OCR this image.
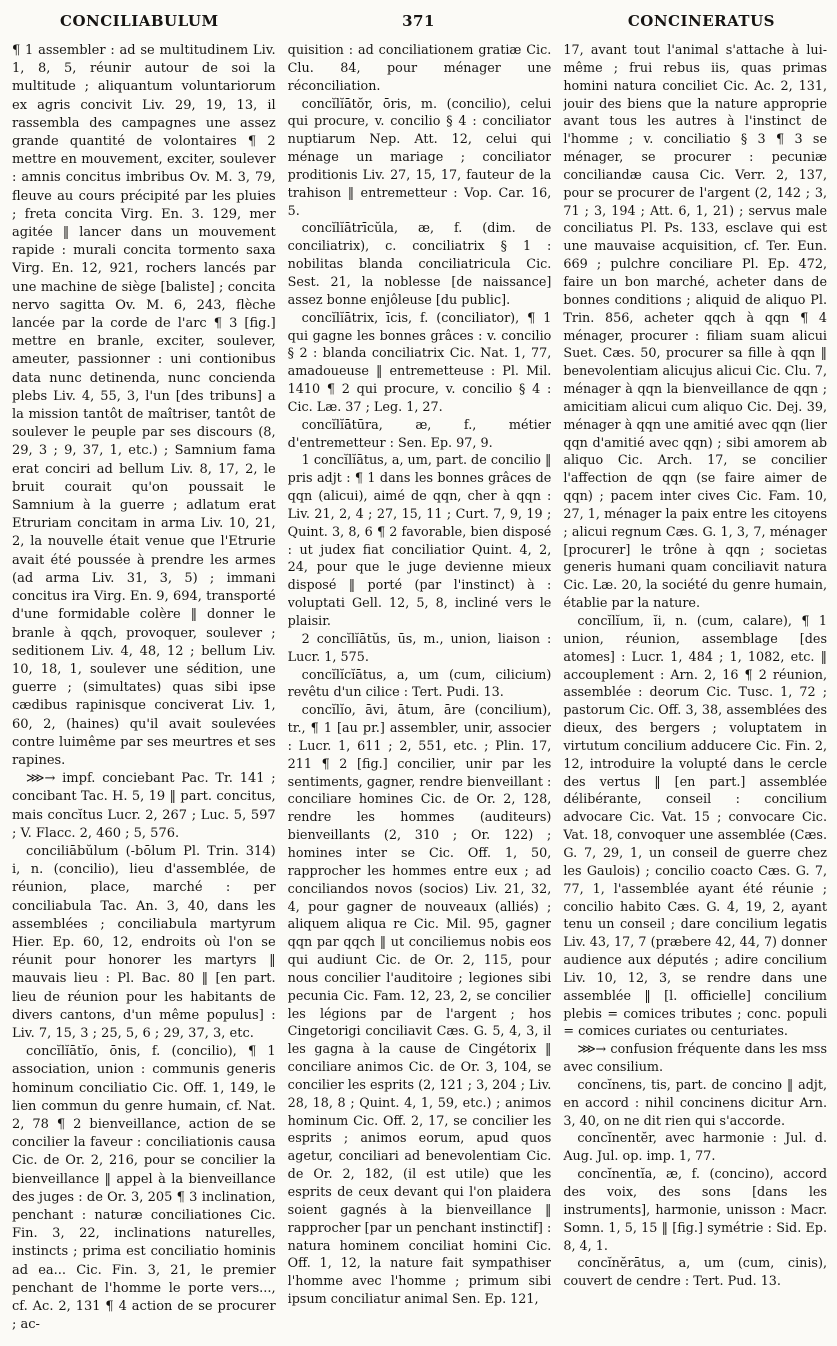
CONCILIABULUM	371	CONCINERATUS

¶ 1 assembler : ad se multitudinem Liv. 1, 8, 5, réunir autour de soi la multitude ; aliquantum voluntariorum ex agris concivit Liv. 29, 19, 13, il rassembla des campagnes une assez grande quantité de volontaires ¶ 2 mettre en mouvement, exciter, soulever : amnis concitus imbribus Ov. M. 3, 79, fleuve au cours précipité par les pluies ; freta concita Virg. En. 3. 129, mer agitée ‖ lancer dans un mouvement rapide : murali concita tormento saxa Virg. En. 12, 921, rochers lancés par une machine de siège [baliste] ; concita nervo sagitta Ov. M. 6, 243, flèche lancée par la corde de l'arc ¶ 3 [fig.] mettre en branle, exciter, soulever, ameuter, passionner : uni contionibus data nunc detinenda, nunc concienda plebs Liv. 4, 55, 3, l'un [des tribuns] a la mission tantôt de maîtriser, tantôt de soulever le peuple par ses discours (8, 29, 3 ; 9, 37, 1, etc.) ; Samnium fama erat conciri ad bellum Liv. 8, 17, 2, le bruit courait qu'on poussait le Samnium à la guerre ; adlatum erat Etruriam concitam in arma Liv. 10, 21, 2, la nouvelle était venue que l'Etrurie avait été poussée à prendre les armes (ad arma Liv. 31, 3, 5) ; immani concitus ira Virg. En. 9, 694, transporté d'une formidable colère ‖ donner le branle à qqch, provoquer, soulever ; seditionem Liv. 4, 48, 12 ; bellum Liv. 10, 18, 1, soulever une sédition, une guerre ; (simultates) quas sibi ipse cædibus rapinisque conciverat Liv. 1, 60, 2, (haines) qu'il avait soulevées contre luimême par ses meurtres et ses rapines.

⋙→ impf. conciebant Pac. Tr. 141 ; concibant Tac. H. 5, 19 ‖ part. concitus, mais concĭtus Lucr. 2, 267 ; Luc. 5, 597 ; V. Flacc. 2, 460 ; 5, 576.

conciliābŭlum (-bōlum Pl. Trin. 314) i, n. (concilio), lieu d'assemblée, de réunion, place, marché : per conciliabula Tac. An. 3, 40, dans les assemblées ; conciliabula martyrum Hier. Ep. 60, 12, endroits où l'on se réunit pour honorer les martyrs ‖ mauvais lieu : Pl. Bac. 80 ‖ [en part. lieu de réunion pour les habitants de divers cantons, d'un même populus] : Liv. 7, 15, 3 ; 25, 5, 6 ; 29, 37, 3, etc.

concĭlĭātĭo, ōnis, f. (concilio), ¶ 1 association, union : communis generis hominum conciliatio Cic. Off. 1, 149, le lien commun du genre humain, cf. Nat. 2, 78 ¶ 2 bienveillance, action de se concilier la faveur : conciliationis causa Cic. de Or. 2, 216, pour se concilier la bienveillance ‖ appel à la bienveillance des juges : de Or. 3, 205 ¶ 3 inclination, penchant : naturæ conciliationes Cic. Fin. 3, 22, inclinations naturelles, instincts ; prima est conciliatio hominis ad ea... Cic. Fin. 3, 21, le premier penchant de l'homme le porte vers..., cf. Ac. 2, 131 ¶ 4 action de se procurer ; ac-

quisition : ad conciliationem gratiæ Cic. Clu. 84, pour ménager une réconciliation.

concĭlĭātŏr, ōris, m. (concilio), celui qui procure, v. concilio § 4 : conciliator nuptiarum Nep. Att. 12, celui qui ménage un mariage ; conciliator proditionis Liv. 27, 15, 17, fauteur de la trahison ‖ entremetteur : Vop. Car. 16, 5.

concĭlĭātrīcŭla, æ, f. (dim. de conciliatrix), c. conciliatrix § 1 : nobilitas blanda conciliatricula Cic. Sest. 21, la noblesse [de naissance] assez bonne enjôleuse [du public].

concĭlĭātrix, īcis, f. (conciliator), ¶ 1 qui gagne les bonnes grâces : v. concilio § 2 : blanda conciliatrix Cic. Nat. 1, 77, amadoueuse ‖ entremetteuse : Pl. Mil. 1410 ¶ 2 qui procure, v. concilio § 4 : Cic. Læ. 37 ; Leg. 1, 27.

concĭlĭātūra, æ, f., métier d'entremetteur : Sen. Ep. 97, 9.

1 concĭlĭātus, a, um, part. de concilio ‖ pris adjt : ¶ 1 dans les bonnes grâces de qqn (alicui), aimé de qqn, cher à qqn : Liv. 21, 2, 4 ; 27, 15, 11 ; Curt. 7, 9, 19 ; Quint. 3, 8, 6 ¶ 2 favorable, bien disposé : ut judex fiat conciliatior Quint. 4, 2, 24, pour que le juge devienne mieux disposé ‖ porté (par l'instinct) à : voluptati Gell. 12, 5, 8, incliné vers le plaisir.

2 concĭlĭātŭs, ūs, m., union, liaison : Lucr. 1, 575.

concĭlĭcĭātus, a, um (cum, cilicium) revêtu d'un cilice : Tert. Pudi. 13.

concĭlĭo, āvi, ātum, āre (concilium), tr., ¶ 1 [au pr.] assembler, unir, associer : Lucr. 1, 611 ; 2, 551, etc. ; Plin. 17, 211 ¶ 2 [fig.] concilier, unir par les sentiments, gagner, rendre bienveillant : conciliare homines Cic. de Or. 2, 128, rendre les hommes (auditeurs) bienveillants (2, 310 ; Or. 122) ; homines inter se Cic. Off. 1, 50, rapprocher les hommes entre eux ; ad conciliandos novos (socios) Liv. 21, 32, 4, pour gagner de nouveaux (alliés) ; aliquem aliqua re Cic. Mil. 95, gagner qqn par qqch ‖ ut conciliemus nobis eos qui audiunt Cic. de Or. 2, 115, pour nous concilier l'auditoire ; legiones sibi pecunia Cic. Fam. 12, 23, 2, se concilier les légions par de l'argent ; hos Cingetorigi conciliavit Cæs. G. 5, 4, 3, il les gagna à la cause de Cingétorix ‖ conciliare animos Cic. de Or. 3, 104, se concilier les esprits (2, 121 ; 3, 204 ; Liv. 28, 18, 8 ; Quint. 4, 1, 59, etc.) ; animos hominum Cic. Off. 2, 17, se concilier les esprits ; animos eorum, apud quos agetur, conciliari ad benevolentiam Cic. de Or. 2, 182, (il est utile) que les esprits de ceux devant qui l'on plaidera soient gagnés à la bienveillance ‖ rapprocher [par un penchant instinctif] : natura hominem conciliat homini Cic. Off. 1, 12, la nature fait sympathiser l'homme avec l'homme ; primum sibi ipsum conciliatur animal Sen. Ep. 121,

17, avant tout l'animal s'attache à lui-même ; frui rebus iis, quas primas homini natura conciliet Cic. Ac. 2, 131, jouir des biens que la nature approprie avant tous les autres à l'instinct de l'homme ; v. conciliatio § 3 ¶ 3 se ménager, se procurer : pecuniæ conciliandæ causa Cic. Verr. 2, 137, pour se procurer de l'argent (2, 142 ; 3, 71 ; 3, 194 ; Att. 6, 1, 21) ; servus male conciliatus Pl. Ps. 133, esclave qui est une mauvaise acquisition, cf. Ter. Eun. 669 ; pulchre conciliare Pl. Ep. 472, faire un bon marché, acheter dans de bonnes conditions ; aliquid de aliquo Pl. Trin. 856, acheter qqch à qqn ¶ 4 ménager, procurer : filiam suam alicui Suet. Cæs. 50, procurer sa fille à qqn ‖ benevolentiam alicujus alicui Cic. Clu. 7, ménager à qqn la bienveillance de qqn ; amicitiam alicui cum aliquo Cic. Dej. 39, ménager à qqn une amitié avec qqn (lier qqn d'amitié avec qqn) ; sibi amorem ab aliquo Cic. Arch. 17, se concilier l'affection de qqn (se faire aimer de qqn) ; pacem inter cives Cic. Fam. 10, 27, 1, ménager la paix entre les citoyens ; alicui regnum Cæs. G. 1, 3, 7, ménager [procurer] le trône à qqn ; societas generis humani quam conciliavit natura Cic. Læ. 20, la société du genre humain, établie par la nature.

concĭlĭum, ĭi, n. (cum, calare), ¶ 1 union, réunion, assemblage [des atomes] : Lucr. 1, 484 ; 1, 1082, etc. ‖ accouplement : Arn. 2, 16 ¶ 2 réunion, assemblée : deorum Cic. Tusc. 1, 72 ; pastorum Cic. Off. 3, 38, assemblées des dieux, des bergers ; voluptatem in virtutum concilium adducere Cic. Fin. 2, 12, introduire la volupté dans le cercle des vertus ‖ [en part.] assemblée délibérante, conseil : concilium advocare Cic. Vat. 15 ; convocare Cic. Vat. 18, convoquer une assemblée (Cæs. G. 7, 29, 1, un conseil de guerre chez les Gaulois) ; concilio coacto Cæs. G. 7, 77, 1, l'assemblée ayant été réunie ; concilio habito Cæs. G. 4, 19, 2, ayant tenu un conseil ; dare concilium legatis Liv. 43, 17, 7 (præbere 42, 44, 7) donner audience aux députés ; adire concilium Liv. 10, 12, 3, se rendre dans une assemblée ‖ [l. officielle] concilium plebis = comices tributes ; conc. populi = comices curiates ou centuriates.

⋙→ confusion fréquente dans les mss avec consilium.

concĭnens, tis, part. de concino ‖ adjt, en accord : nihil concinens dicitur Arn. 3, 40, on ne dit rien qui s'accorde.

concĭnentĕr, avec harmonie : Jul. d. Aug. Jul. op. imp. 1, 77.

concĭnentĭa, æ, f. (concino), accord des voix, des sons [dans les instruments], harmonie, unisson : Macr. Somn. 1, 5, 15 ‖ [fig.] symétrie : Sid. Ep. 8, 4, 1.

concĭnĕrātus, a, um (cum, cinis), couvert de cendre : Tert. Pud. 13.
